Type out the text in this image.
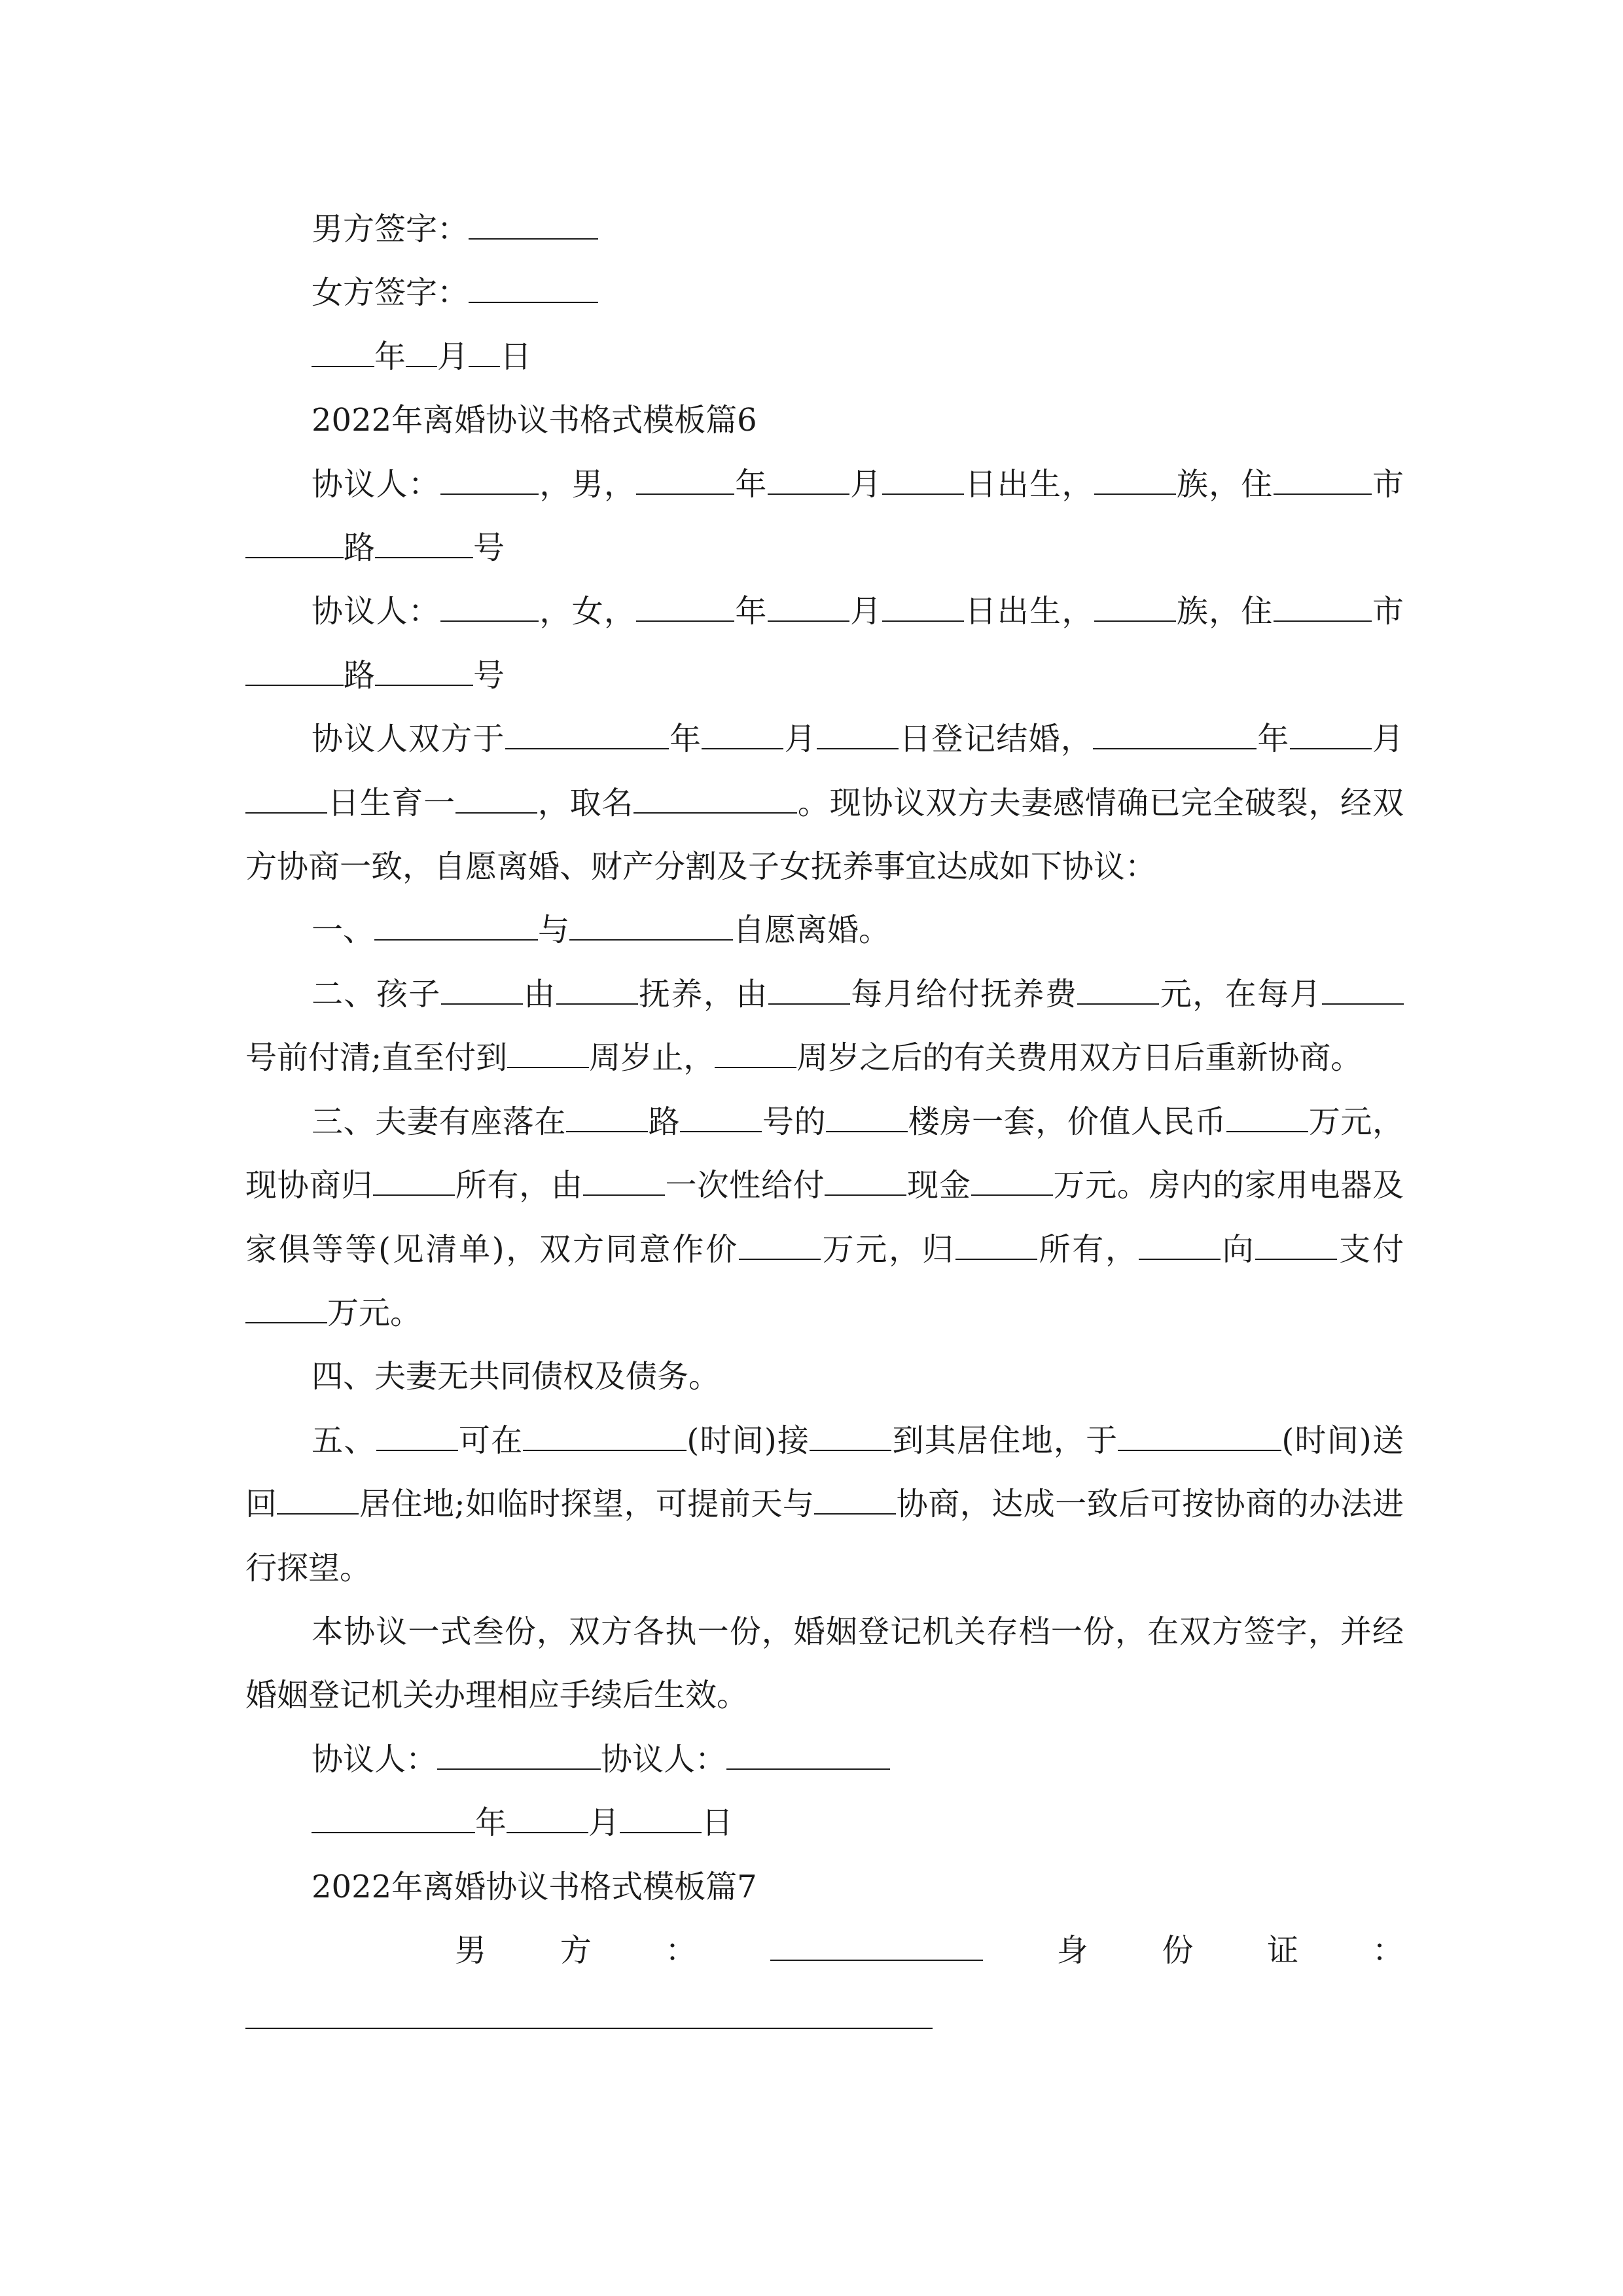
男方签字：

女方签字：

年 月 日

2022年离婚协议书格式模板篇6

协议人：	，男，	年	月	日出生，	族，住	市路	号

协议人：	，女，	年	月	日出生，	族，住	市路	号

协议人双方于	年	月	日登记结婚，	年	月日生育一	，取名	。现协议双方夫妻感情确已完全破裂，经双方协商一致，自愿离婚、财产分割及子女抚养事宜达成如下协议：

一、	与	自愿离婚。

二、孩子	由	抚养，由	每月给付抚养费	元，在每月号前付清;直至付到	周岁止，	周岁之后的有关费用双方日后重新协商。

三、夫妻有座落在	路	号的	楼房一套，价值人民币	万元，现协商归	所有，由	一次性给付	现金	万元。房内的家用电器及家俱等等(见清单)，双方同意作价	万元，归	所有，	向	支付万元。

四、夫妻无共同债权及债务。

五、	可在	(时间)接	到其居住地，于	(时间)送回	居住地;如临时探望，可提前天与	协商，达成一致后可按协商的办法进行探望。

本协议一式叁份，双方各执一份，婚姻登记机关存档一份，在双方签字，并经婚姻登记机关办理相应手续后生效。

协议人：	协议人：

年	月	日

2022年离婚协议书格式模板篇7

男 方 ：	身 份 证 ：
